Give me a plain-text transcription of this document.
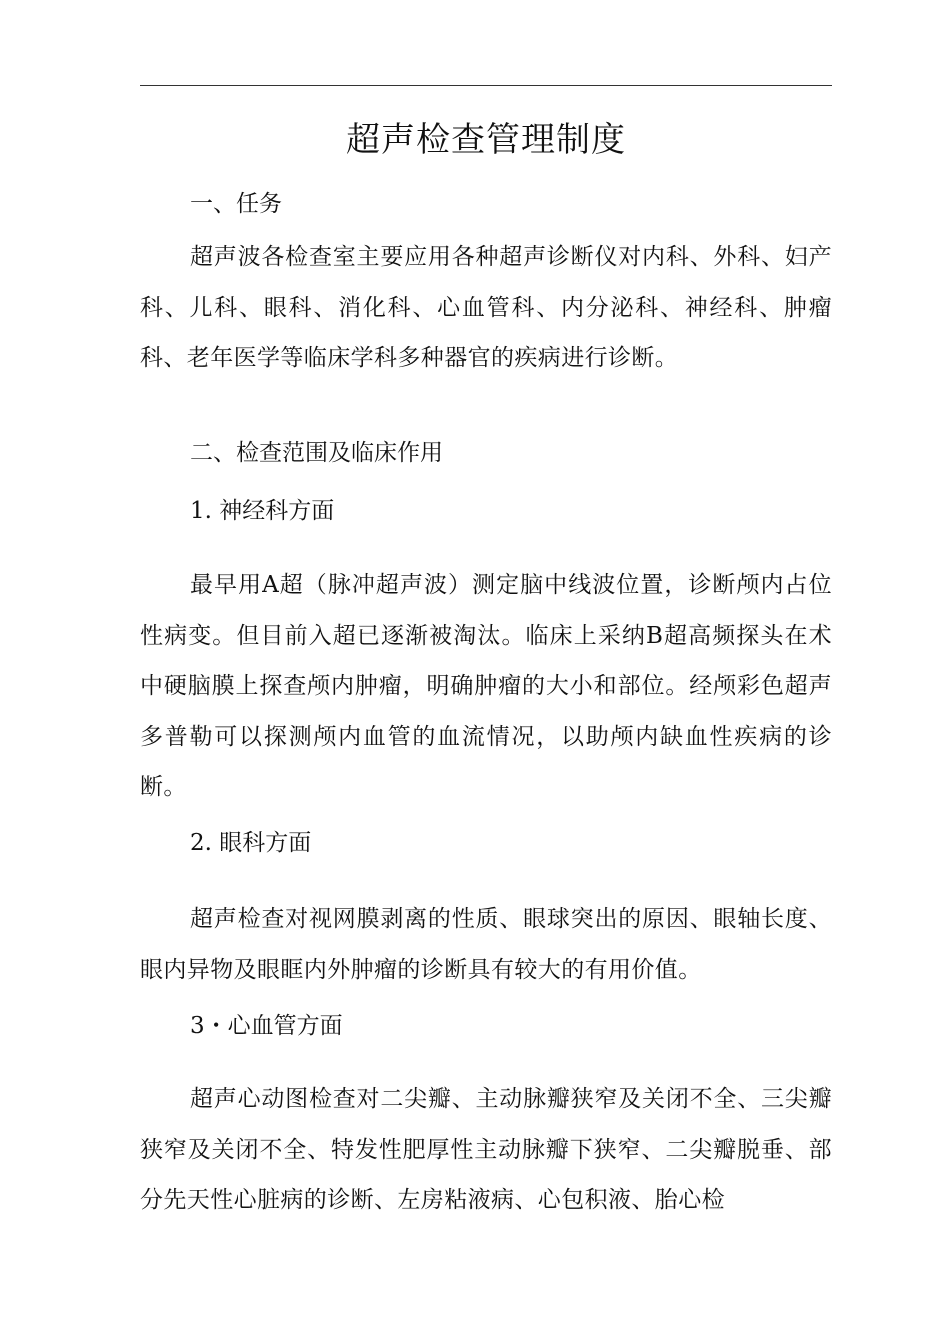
超声检查管理制度
一、任务
超声波各检查室主要应用各种超声诊断仪对内科、外科、妇产科、儿科、眼科、消化科、心血管科、内分泌科、神经科、肿瘤科、老年医学等临床学科多种器官的疾病进行诊断。
二、检查范围及临床作用
1. 神经科方面
最早用A超（脉冲超声波）测定脑中线波位置，诊断颅内占位性病变。但目前入超已逐渐被淘汰。临床上采纳B超高频探头在术中硬脑膜上探查颅内肿瘤，明确肿瘤的大小和部位。经颅彩色超声多普勒可以探测颅内血管的血流情况，以助颅内缺血性疾病的诊断。
2. 眼科方面
超声检查对视网膜剥离的性质、眼球突出的原因、眼轴长度、眼内异物及眼眶内外肿瘤的诊断具有较大的有用价值。
3・心血管方面
超声心动图检查对二尖瓣、主动脉瓣狭窄及关闭不全、三尖瓣狭窄及关闭不全、特发性肥厚性主动脉瓣下狭窄、二尖瓣脱垂、部分先天性心脏病的诊断、左房粘液病、心包积液、胎心检
